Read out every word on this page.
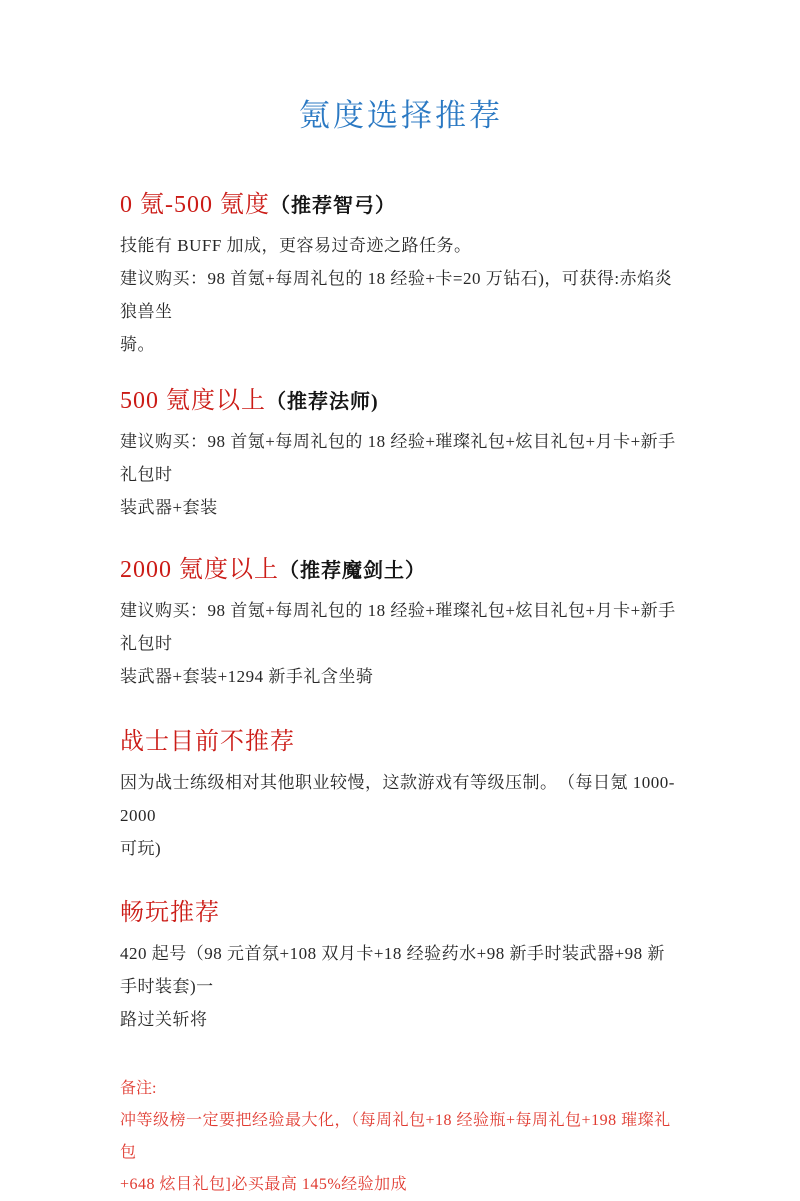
氪度选择推荐
0 氪-500 氪度（推荐智弓）

技能有 BUFF 加成，更容易过奇迹之路任务。

建议购买：98 首氪+每周礼包的 18 经验+卡=20 万钻石)，可获得:赤焰炎狼兽坐

骑。

500 氪度以上（推荐法师)

建议购买：98 首氪+每周礼包的 18 经验+璀璨礼包+炫目礼包+月卡+新手礼包时

装武器+套装

2000 氪度以上（推荐魔剑土）

建议购买：98 首氪+每周礼包的 18 经验+璀璨礼包+炫目礼包+月卡+新手礼包时

装武器+套装+1294 新手礼含坐骑

战士目前不推荐

因为战士练级相对其他职业较慢，这款游戏有等级压制。　（每日氪 1000-2000

可玩)

畅玩推荐

420 起号（98 元首氛+108 双月卡+18 经验药水+98 新手时装武器+98 新手时装套)一

路过关斩将

备注:

冲等级榜一定要把经验最大化，（每周礼包+18 经验瓶+每周礼包+198 璀璨礼包

+648 炫目礼包]必买最高 145%经验加成
